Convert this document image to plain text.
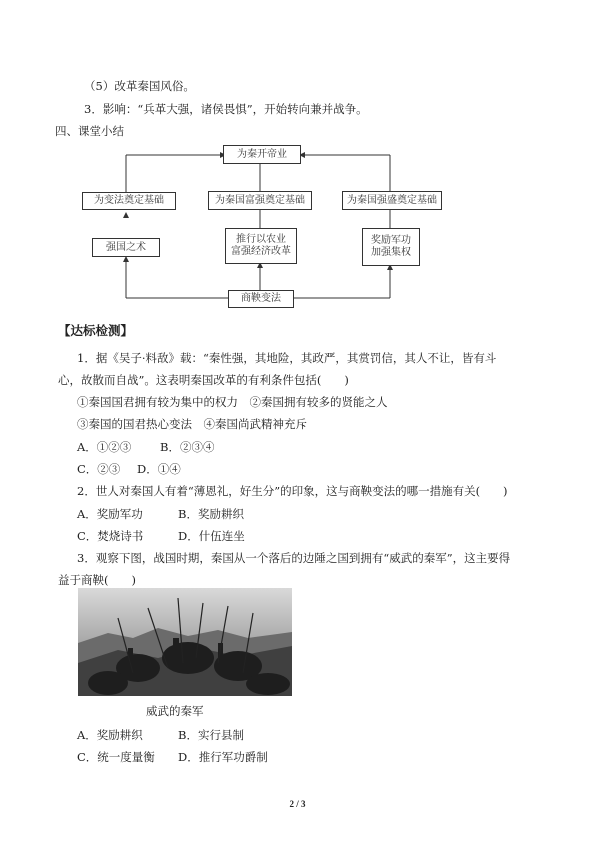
（5）改革秦国风俗。
3．影响：“兵革大强，诸侯畏惧”，开始转向兼并战争。
四、课堂小结
为秦开帝业
为变法奠定基础	为秦国富强奠定基础	为秦国强盛奠定基础
强国之术
推行以农业
富强经济改革
奖励军功
加强集权
商鞅变法
【达标检测】
1．据《吴子·料敌》载：“秦性强，其地险，其政严，其赏罚信，其人不让，皆有斗
心，故散而自战”。这表明秦国改革的有利条件包括(　　)
①秦国国君拥有较为集中的权力　②秦国拥有较多的贤能之人
③秦国的国君热心变法　④秦国尚武精神充斥
A．①②③ B．②③④
C．②③ D．①④
2．世人对秦国人有着“薄恩礼，好生分”的印象，这与商鞅变法的哪一措施有关(　　)
A．奖励军功	B．奖励耕织
C．焚烧诗书	D．什伍连坐
3．观察下图，战国时期，秦国从一个落后的边陲之国到拥有“威武的秦军”，这主要得
益于商鞅(　　)
威武的秦军
A．奖励耕织	B．实行县制
C．统一度量衡 D．推行军功爵制
2 / 3
